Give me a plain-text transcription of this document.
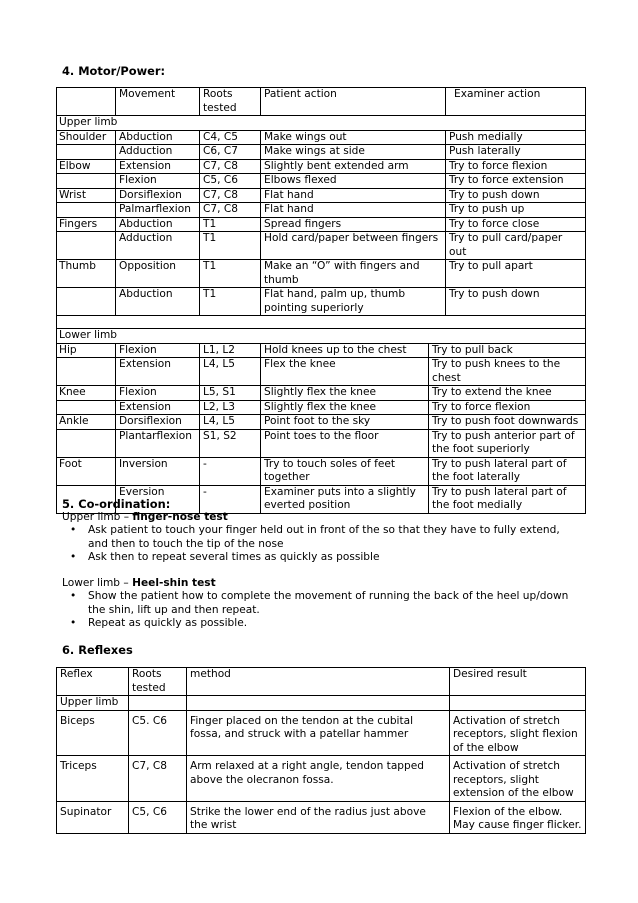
4. Motor/Power:
	Movement	Roots tested	Patient action		Examiner action
Upper limb					
Shoulder	Abduction	C4, C5	Make wings out		Push medially
	Adduction	C6, C7	Make wings at side		Push laterally
Elbow	Extension	C7, C8	Slightly bent extended arm		Try to force flexion
	Flexion	C5, C6	Elbows flexed		Try to force extension
Wrist	Dorsiflexion	C7, C8	Flat hand		Try to push down
	Palmarflexion	C7, C8	Flat hand		Try to push up
Fingers	Abduction	T1	Spread fingers		Try to force close
	Adduction	T1	Hold card/paper between fingers		Try to pull card/paper out
Thumb	Opposition	T1	Make an “O” with fingers and thumb		Try to pull apart
	Abduction	T1	Flat hand, palm up, thumb pointing superiorly		Try to push down

Lower limb					
Hip	Flexion	L1, L2	Hold knees up to the chest	Try to pull back	
	Extension	L4, L5	Flex the knee	Try to push knees to the chest	
Knee	Flexion	L5, S1	Slightly flex the knee	Try to extend the knee	
	Extension	L2, L3	Slightly flex the knee	Try to force flexion	
Ankle	Dorsiflexion	L4, L5	Point foot to the sky	Try to push foot downwards	
	Plantarflexion	S1, S2	Point toes to the floor	Try to push anterior part of the foot superiorly	
Foot	Inversion	-	Try to touch soles of feet together	Try to push lateral part of the foot laterally	
	Eversion	-	Examiner puts into a slightly everted position	Try to push lateral part of the foot medially	
5. Co-ordination:

Upper limb – finger-nose test

• Ask patient to touch your finger held out in front of the so that they have to fully extend, and then to touch the tip of the nose
• Ask then to repeat several times as quickly as possible

Lower limb – Heel-shin test

• Show the patient how to complete the movement of running the back of the heel up/down the shin, lift up and then repeat.
• Repeat as quickly as possible.
6. Reflexes
Reflex	Roots tested	method	Desired result
Upper limb			
Biceps	C5. C6	Finger placed on the tendon at the cubital fossa, and struck with a patellar hammer	Activation of stretch receptors, slight flexion of the elbow
Triceps	C7, C8	Arm relaxed at a right angle, tendon tapped above the olecranon fossa.	Activation of stretch receptors, slight extension of the elbow
Supinator	C5, C6	Strike the lower end of the radius just above the wrist	Flexion of the elbow. May cause finger flicker.
